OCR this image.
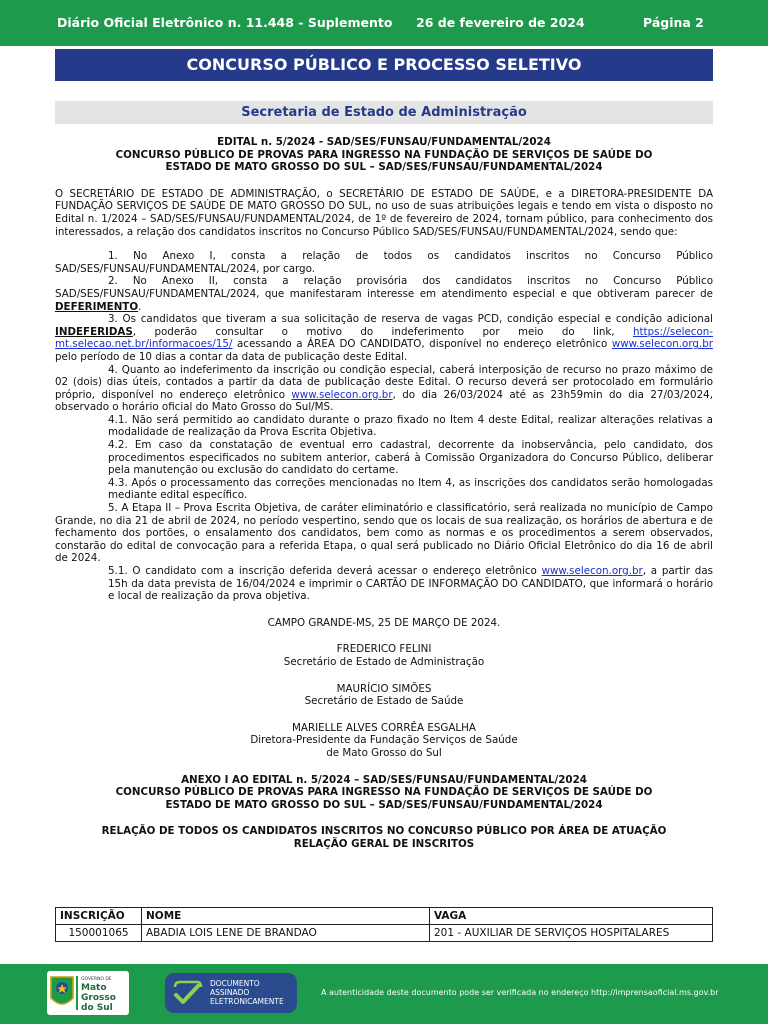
Diário Oficial Eletrônico n. 11.448 - Suplemento 26 de fevereiro de 2024	Página 2
CONCURSO PÚBLICO E PROCESSO SELETIVO
Secretaria de Estado de Administração
EDITAL n. 5/2024 - SAD/SES/FUNSAU/FUNDAMENTAL/2024
CONCURSO PÚBLICO DE PROVAS PARA INGRESSO NA FUNDAÇÃO DE SERVIÇOS DE SAÚDE DO
ESTADO DE MATO GROSSO DO SUL – SAD/SES/FUNSAU/FUNDAMENTAL/2024

O SECRETÁRIO DE ESTADO DE ADMINISTRAÇÃO, o SECRETÁRIO DE ESTADO DE SAÚDE, e a DIRETORA-PRESIDENTE DA FUNDAÇÃO SERVIÇOS DE SAÚDE DE MATO GROSSO DO SUL, no uso de suas atribuições legais e tendo em vista o disposto no Edital n. 1/2024 – SAD/SES/FUNSAU/FUNDAMENTAL/2024, de 1º de fevereiro de 2024, tornam público, para conhecimento dos interessados, a relação dos candidatos inscritos no Concurso Público SAD/SES/FUNSAU/FUNDAMENTAL/2024, sendo que:

1. No Anexo I, consta a relação de todos os candidatos inscritos no Concurso Público SAD/SES/FUNSAU/FUNDAMENTAL/2024, por cargo.

2. No Anexo II, consta a relação provisória dos candidatos inscritos no Concurso Público SAD/SES/FUNSAU/FUNDAMENTAL/2024, que manifestaram interesse em atendimento especial e que obtiveram parecer de DEFERIMENTO.

3. Os candidatos que tiveram a sua solicitação de reserva de vagas PCD, condição especial e condição adicional INDEFERIDAS, poderão consultar o motivo do indeferimento por meio do link, https://selecon-mt.selecao.net.br/informacoes/15/ acessando a ÁREA DO CANDIDATO, disponível no endereço eletrônico www.selecon.org.br pelo período de 10 dias a contar da data de publicação deste Edital.

4. Quanto ao indeferimento da inscrição ou condição especial, caberá interposição de recurso no prazo máximo de 02 (dois) dias úteis, contados a partir da data de publicação deste Edital. O recurso deverá ser protocolado em formulário próprio, disponível no endereço eletrônico www.selecon.org.br, do dia 26/03/2024 até as 23h59min do dia 27/03/2024, observado o horário oficial do Mato Grosso do Sul/MS.

4.1. Não será permitido ao candidato durante o prazo fixado no Item 4 deste Edital, realizar alterações relativas a modalidade de realização da Prova Escrita Objetiva.

4.2. Em caso da constatação de eventual erro cadastral, decorrente da inobservância, pelo candidato, dos procedimentos especificados no subitem anterior, caberá à Comissão Organizadora do Concurso Público, deliberar pela manutenção ou exclusão do candidato do certame.

4.3. Após o processamento das correções mencionadas no Item 4, as inscrições dos candidatos serão homologadas mediante edital específico.

5. A Etapa II – Prova Escrita Objetiva, de caráter eliminatório e classificatório, será realizada no município de Campo Grande, no dia 21 de abril de 2024, no período vespertino, sendo que os locais de sua realização, os horários de abertura e de fechamento dos portões, o ensalamento dos candidatos, bem como as normas e os procedimentos a serem observados, constarão do edital de convocação para a referida Etapa, o qual será publicado no Diário Oficial Eletrônico do dia 16 de abril de 2024.

5.1. O candidato com a inscrição deferida deverá acessar o endereço eletrônico www.selecon.org.br, a partir das 15h da data prevista de 16/04/2024 e imprimir o CARTÃO DE INFORMAÇÃO DO CANDIDATO, que informará o horário e local de realização da prova objetiva.

CAMPO GRANDE-MS, 25 DE MARÇO DE 2024.

FREDERICO FELINI
Secretário de Estado de Administração
MAURÍCIO SIMÕES
Secretário de Estado de Saúde
MARIELLE ALVES CORRÊA ESGALHA
Diretora-Presidente da Fundação Serviços de Saúde
de Mato Grosso do Sul
ANEXO I AO EDITAL n. 5/2024 – SAD/SES/FUNSAU/FUNDAMENTAL/2024
CONCURSO PÚBLICO DE PROVAS PARA INGRESSO NA FUNDAÇÃO DE SERVIÇOS DE SAÚDE DO
ESTADO DE MATO GROSSO DO SUL – SAD/SES/FUNSAU/FUNDAMENTAL/2024
RELAÇÃO DE TODOS OS CANDIDATOS INSCRITOS NO CONCURSO PÚBLICO POR ÁREA DE ATUAÇÃO
RELAÇÃO GERAL DE INSCRITOS
INSCRIÇÃO	NOME	VAGA
150001065	ABADIA LOIS LENE DE BRANDAO	201 - AUXILIAR DE SERVIÇOS HOSPITALARES
GOVERNO DE
Mato
Grosso
do Sul
DOCUMENTO
ASSINADO
ELETRONICAMENTE
A autenticidade deste documento pode ser verificada no endereço http://imprensaoficial.ms.gov.br
